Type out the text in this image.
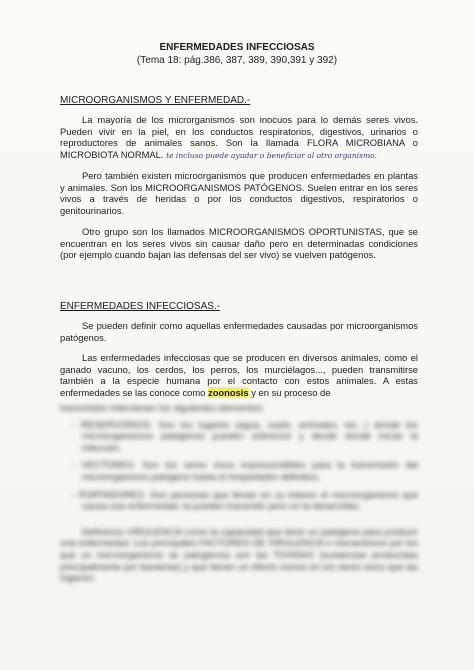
ENFERMEDADES INFECCIOSAS
(Tema 18: pág.386, 387, 389, 390,391 y 392)
MICROORGANISMOS Y ENFERMEDAD.-
La mayoría de los microrganismos son inocuos para lo demás seres vivos. Pueden vivir en la piel, en los conductos respiratorios, digestivos, urinarios o reproductores de animales sanos. Son la llamada FLORA MICROBIANA o MICROBIOTA NORMAL. te incluso puede ayudar o beneficiar al otro organismo.
Pero también existen microorganismos que producen enfermedades en plantas y animales. Son los MICROORGANISMOS PATÓGENOS. Suelen entrar en los seres vivos a través de heridas o por los conductos digestivos, respiratorios o genitourinarios.
Otro grupo son los llamados MICROORGANISMOS OPORTUNISTAS, que se encuentran en los seres vivos sin causar daño pero en determinadas condiciones (por ejemplo cuando bajan las defensas del ser vivo) se vuelven patógenos.
ENFERMEDADES INFECCIOSAS.-
Se pueden definir como aquellas enfermedades causadas por microorganismos patógenos.
Las enfermedades infecciosas que se producen en diversos animales, como el ganado vacuno, los cerdos, los perros, los murciélagos..., pueden transmitirse también a la especie humana por el contacto con estos animales. A estas enfermedades se las conoce como zoonosis y en su proceso de
transmisión intervienen los siguientes elementos:
- RESERVORIOS: Son los lugares (agua, suelo, animales, etc...) donde los microorganismos patógenos pueden sobrevivir y desde donde iniciar la infección.
- VECTORES: Son los seres vivos imprescindibles para la transmisión del microorganismo patógeno hasta el hospedador definitivo.
- PORTADORES: Son personas que llevan en su interior el microorganismo que causa una enfermedad, la pueden transmitir pero no la desarrollan.
Definimos VIRULENCIA como la capacidad que tiene un patógeno para producir una enfermedad. Los principales FACTORES DE VIRULENCIA o mecanismos por los que un microorganismo se patogeniza son las TOXINAS (sustancias producidas principalmente por bacterias) y que tienen un efecto nocivo en los seres vivos que las ingieren.
